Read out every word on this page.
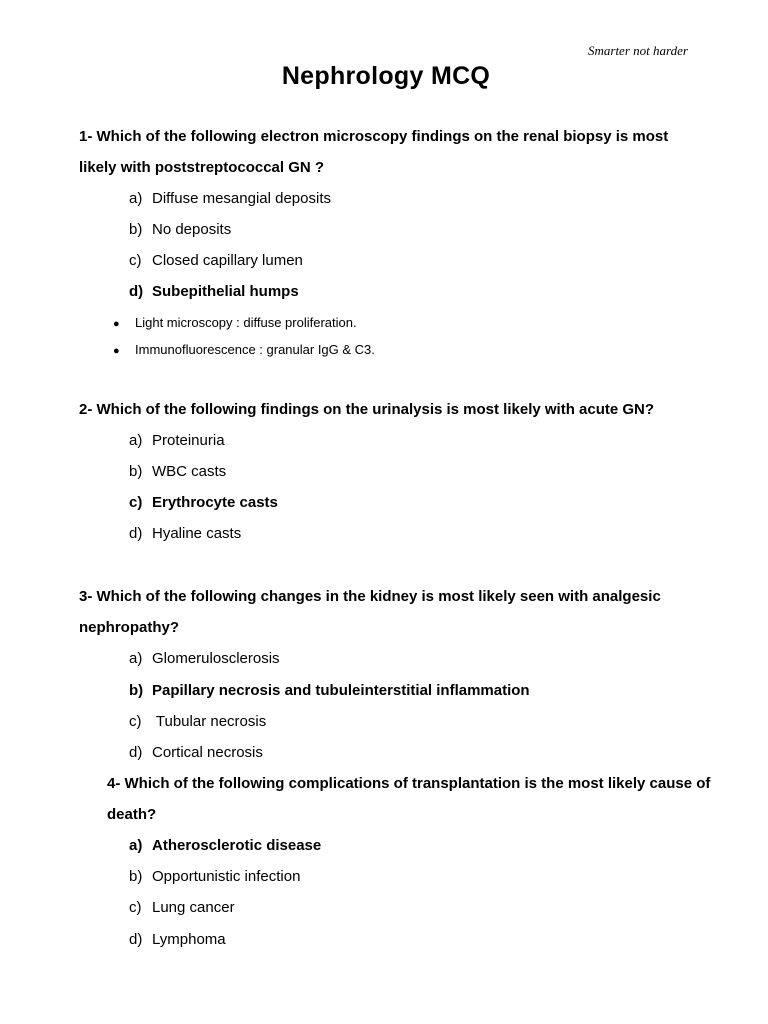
Smarter not harder
Nephrology MCQ
1- Which of the following electron microscopy findings on the renal biopsy is most likely with poststreptococcal GN ?
a) Diffuse mesangial deposits
b) No deposits
c) Closed capillary lumen
d) Subepithelial humps
● Light microscopy : diffuse proliferation.
● Immunofluorescence : granular IgG & C3.
2- Which of the following findings on the urinalysis is most likely with acute GN?
a) Proteinuria
b) WBC casts
c) Erythrocyte casts
d) Hyaline casts
3- Which of the following changes in the kidney is most likely seen with analgesic nephropathy?
a) Glomerulosclerosis
b) Papillary necrosis and tubuleinterstitial inflammation
c) Tubular necrosis
d) Cortical necrosis
4- Which of the following complications of transplantation is the most likely cause of death?
a) Atherosclerotic disease
b) Opportunistic infection
c) Lung cancer
d) Lymphoma
